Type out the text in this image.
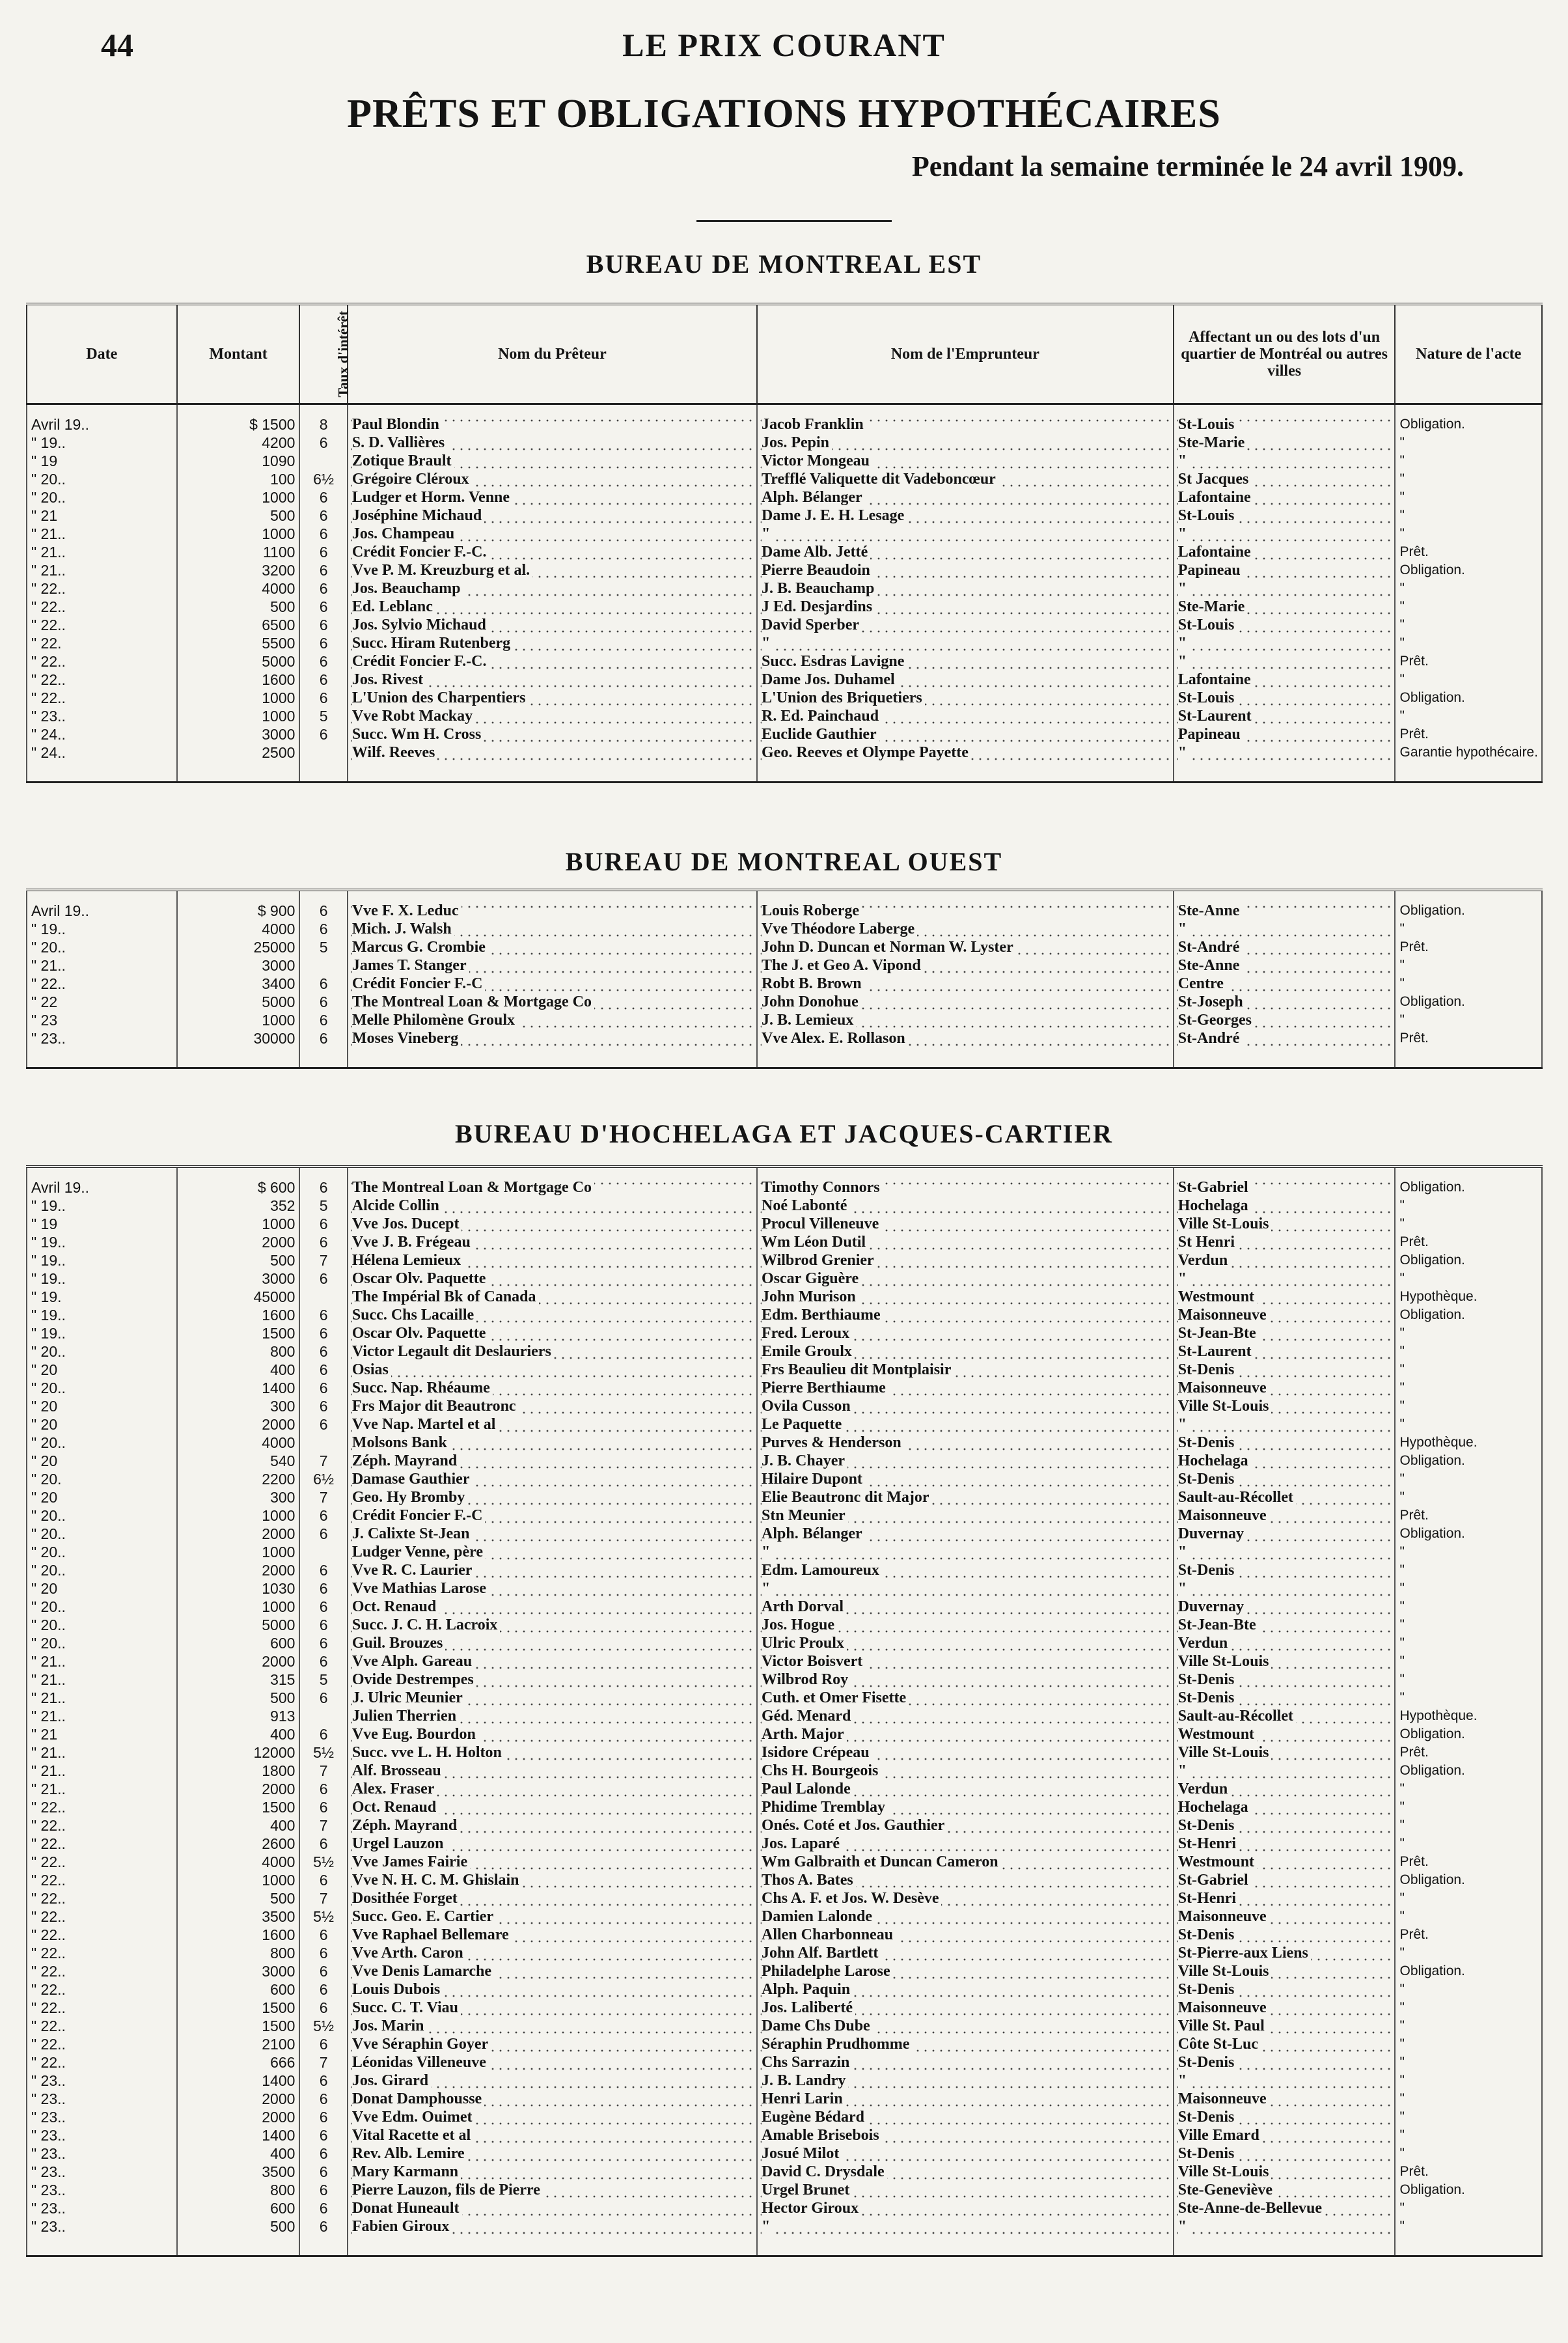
44	LE PRIX COURANT
PRÊTS ET OBLIGATIONS HYPOTHÉCAIRES
Pendant la semaine terminée le 24 avril 1909.
BUREAU DE MONTREAL EST
Date	Montant	Taux d'intérêt	Nom du Prêteur	Nom de l'Emprunteur	Affectant un ou des lots d'un quartier de Montréal ou autres villes	Nature de l'acte
Avril 19..	$ 1500	8	Paul Blondin	Jacob Franklin	St-Louis	Obligation.
" 19..	4200	6	S. D. Vallières	Jos. Pepin	Ste-Marie	"
" 19	1090		Zotique Brault	Victor Mongeau	"	"
" 20..	100	6½	Grégoire Cléroux	Trefflé Valiquette dit Vadeboncœur	St Jacques	"
" 20..	1000	6	Ludger et Horm. Venne	Alph. Bélanger	Lafontaine	"
" 21	500	6	Joséphine Michaud	Dame J. E. H. Lesage	St-Louis	"
" 21..	1000	6	Jos. Champeau	"	"	"
" 21..	1100	6	Crédit Foncier F.-C.	Dame Alb. Jetté	Lafontaine	Prêt.
" 21..	3200	6	Vve P. M. Kreuzburg et al.	Pierre Beaudoin	Papineau	Obligation.
" 22..	4000	6	Jos. Beauchamp	J. B. Beauchamp	"	"
" 22..	500	6	Ed. Leblanc	J Ed. Desjardins	Ste-Marie	"
" 22..	6500	6	Jos. Sylvio Michaud	David Sperber	St-Louis	"
" 22.	5500	6	Succ. Hiram Rutenberg	"	"	"
" 22..	5000	6	Crédit Foncier F.-C.	Succ. Esdras Lavigne	"	Prêt.
" 22..	1600	6	Jos. Rivest	Dame Jos. Duhamel	Lafontaine	"
" 22..	1000	6	L'Union des Charpentiers	L'Union des Briquetiers	St-Louis	Obligation.
" 23..	1000	5	Vve Robt Mackay	R. Ed. Painchaud	St-Laurent	"
" 24..	3000	6	Succ. Wm H. Cross	Euclide Gauthier	Papineau	Prêt.
" 24..	2500		Wilf. Reeves	Geo. Reeves et Olympe Payette	"	Garantie hypothécaire.
BUREAU DE MONTREAL OUEST
Avril 19..	$ 900	6	Vve F. X. Leduc	Louis Roberge	Ste-Anne	Obligation.
" 19..	4000	6	Mich. J. Walsh	Vve Théodore Laberge	"	"
" 20..	25000	5	Marcus G. Crombie	John D. Duncan et Norman W. Lyster	St-André	Prêt.
" 21..	3000		James T. Stanger	The J. et Geo A. Vipond	Ste-Anne	"
" 22..	3400	6	Crédit Foncier F.-C	Robt B. Brown	Centre	"
" 22	5000	6	The Montreal Loan & Mortgage Co	John Donohue	St-Joseph	Obligation.
" 23	1000	6	Melle Philomène Groulx	J. B. Lemieux	St-Georges	"
" 23..	30000	6	Moses Vineberg	Vve Alex. E. Rollason	St-André	Prêt.
BUREAU D'HOCHELAGA ET JACQUES-CARTIER
Avril 19..	$ 600	6	The Montreal Loan & Mortgage Co	Timothy Connors	St-Gabriel	Obligation.
" 19..	352	5	Alcide Collin	Noé Labonté	Hochelaga	"
" 19	1000	6	Vve Jos. Ducept	Procul Villeneuve	Ville St-Louis	"
" 19..	2000	6	Vve J. B. Frégeau	Wm Léon Dutil	St Henri	Prêt.
" 19..	500	7	Hélena Lemieux	Wilbrod Grenier	Verdun	Obligation.
" 19..	3000	6	Oscar Olv. Paquette	Oscar Giguère	"	"
" 19.	45000		The Impérial Bk of Canada	John Murison	Westmount	Hypothèque.
" 19..	1600	6	Succ. Chs Lacaille	Edm. Berthiaume	Maisonneuve	Obligation.
" 19..	1500	6	Oscar Olv. Paquette	Fred. Leroux	St-Jean-Bte	"
" 20..	800	6	Victor Legault dit Deslauriers	Emile Groulx	St-Laurent	"
" 20	400	6	Osias	Frs Beaulieu dit Montplaisir	St-Denis	"
" 20..	1400	6	Succ. Nap. Rhéaume	Pierre Berthiaume	Maisonneuve	"
" 20	300	6	Frs Major dit Beautronc	Ovila Cusson	Ville St-Louis	"
" 20	2000	6	Vve Nap. Martel et al	Le Paquette	"	"
" 20..	4000		Molsons Bank	Purves & Henderson	St-Denis	Hypothèque.
" 20	540	7	Zéph. Mayrand	J. B. Chayer	Hochelaga	Obligation.
" 20.	2200	6½	Damase Gauthier	Hilaire Dupont	St-Denis	"
" 20	300	7	Geo. Hy Bromby	Elie Beautronc dit Major	Sault-au-Récollet	"
" 20..	1000	6	Crédit Foncier F.-C	Stn Meunier	Maisonneuve	Prêt.
" 20..	2000	6	J. Calixte St-Jean	Alph. Bélanger	Duvernay	Obligation.
" 20..	1000		Ludger Venne, père	"	"	"
" 20..	2000	6	Vve R. C. Laurier	Edm. Lamoureux	St-Denis	"
" 20	1030	6	Vve Mathias Larose	"	"	"
" 20..	1000	6	Oct. Renaud	Arth Dorval	Duvernay	"
" 20..	5000	6	Succ. J. C. H. Lacroix	Jos. Hogue	St-Jean-Bte	"
" 20..	600	6	Guil. Brouzes	Ulric Proulx	Verdun	"
" 21..	2000	6	Vve Alph. Gareau	Victor Boisvert	Ville St-Louis	"
" 21..	315	5	Ovide Destrempes	Wilbrod Roy	St-Denis	"
" 21..	500	6	J. Ulric Meunier	Cuth. et Omer Fisette	St-Denis	"
" 21..	913		Julien Therrien	Géd. Menard	Sault-au-Récollet	Hypothèque.
" 21	400	6	Vve Eug. Bourdon	Arth. Major	Westmount	Obligation.
" 21..	12000	5½	Succ. vve L. H. Holton	Isidore Crépeau	Ville St-Louis	Prêt.
" 21..	1800	7	Alf. Brosseau	Chs H. Bourgeois	"	Obligation.
" 21..	2000	6	Alex. Fraser	Paul Lalonde	Verdun	"
" 22..	1500	6	Oct. Renaud	Phidime Tremblay	Hochelaga	"
" 22..	400	7	Zéph. Mayrand	Onés. Coté et Jos. Gauthier	St-Denis	"
" 22..	2600	6	Urgel Lauzon	Jos. Laparé	St-Henri	"
" 22..	4000	5½	Vve James Fairie	Wm Galbraith et Duncan Cameron	Westmount	Prêt.
" 22..	1000	6	Vve N. H. C. M. Ghislain	Thos A. Bates	St-Gabriel	Obligation.
" 22..	500	7	Dosithée Forget	Chs A. F. et Jos. W. Desève	St-Henri	"
" 22..	3500	5½	Succ. Geo. E. Cartier	Damien Lalonde	Maisonneuve	"
" 22..	1600	6	Vve Raphael Bellemare	Allen Charbonneau	St-Denis	Prêt.
" 22..	800	6	Vve Arth. Caron	John Alf. Bartlett	St-Pierre-aux Liens	"
" 22..	3000	6	Vve Denis Lamarche	Philadelphe Larose	Ville St-Louis	Obligation.
" 22..	600	6	Louis Dubois	Alph. Paquin	St-Denis	"
" 22..	1500	6	Succ. C. T. Viau	Jos. Laliberté	Maisonneuve	"
" 22..	1500	5½	Jos. Marin	Dame Chs Dube	Ville St. Paul	"
" 22..	2100	6	Vve Séraphin Goyer	Séraphin Prudhomme	Côte St-Luc	"
" 22..	666	7	Léonidas Villeneuve	Chs Sarrazin	St-Denis	"
" 23..	1400	6	Jos. Girard	J. B. Landry	"	"
" 23..	2000	6	Donat Damphousse	Henri Larin	Maisonneuve	"
" 23..	2000	6	Vve Edm. Ouimet	Eugène Bédard	St-Denis	"
" 23..	1400	6	Vital Racette et al	Amable Brisebois	Ville Emard	"
" 23..	400	6	Rev. Alb. Lemire	Josué Milot	St-Denis	"
" 23..	3500	6	Mary Karmann	David C. Drysdale	Ville St-Louis	Prêt.
" 23..	800	6	Pierre Lauzon, fils de Pierre	Urgel Brunet	Ste-Geneviève	Obligation.
" 23..	600	6	Donat Huneault	Hector Giroux	Ste-Anne-de-Bellevue	"
" 23..	500	6	Fabien Giroux	"	"	"
